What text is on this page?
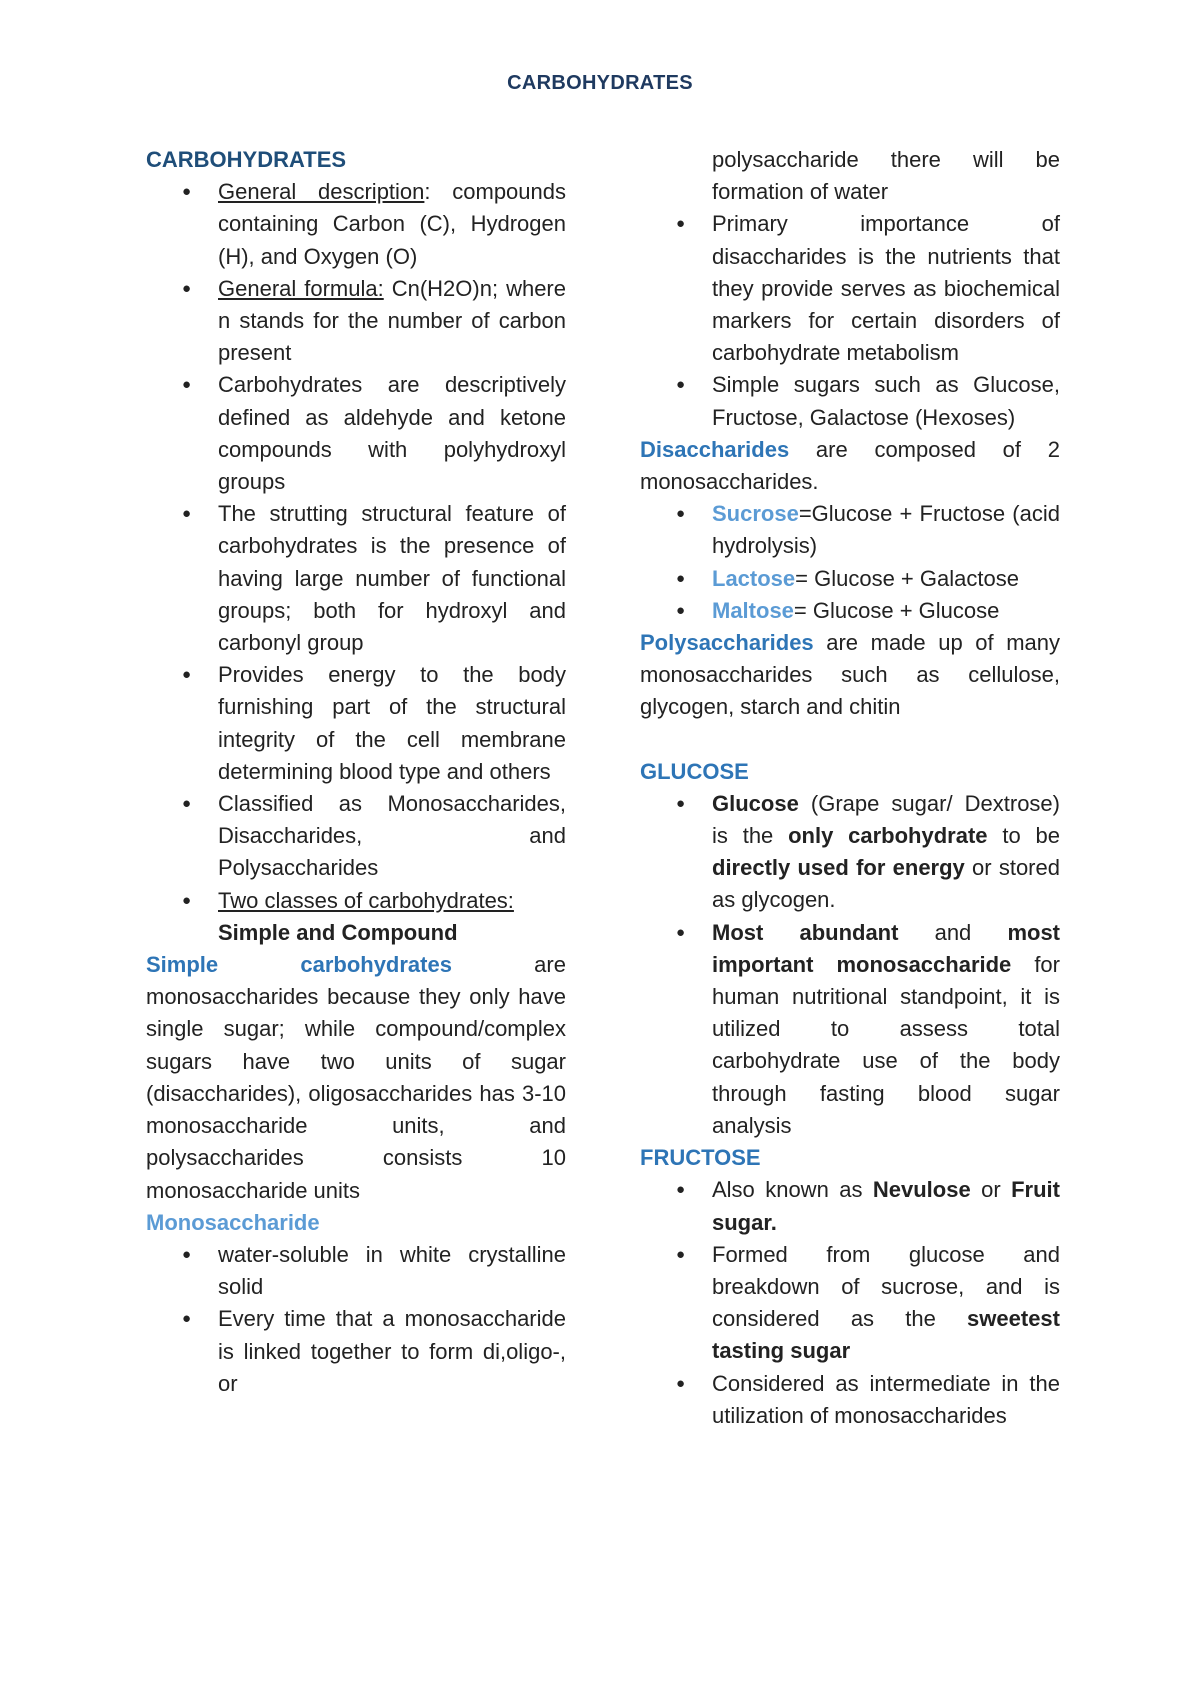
CARBOHYDRATES
CARBOHYDRATES
● General description: compounds containing Carbon (C), Hydrogen (H), and Oxygen (O)
● General formula: Cn(H2O)n; where n stands for the number of carbon present
● Carbohydrates are descriptively defined as aldehyde and ketone compounds with polyhydroxyl groups
● The strutting structural feature of carbohydrates is the presence of having large number of functional groups; both for hydroxyl and carbonyl group
● Provides energy to the body furnishing part of the structural integrity of the cell membrane determining blood type and others
● Classified as Monosaccharides, Disaccharides, and Polysaccharides
● Two classes of carbohydrates:
Simple and Compound

Simple carbohydrates are monosaccharides because they only have single sugar; while compound/complex sugars have two units of sugar (disaccharides), oligosaccharides has 3-10 monosaccharide units, and polysaccharides consists 10 monosaccharide units

Monosaccharide
● water-soluble in white crystalline solid
● Every time that a monosaccharide is linked together to form di,oligo-, or
polysaccharide there will be formation of water
● Primary importance of disaccharides is the nutrients that they provide serves as biochemical markers for certain disorders of carbohydrate metabolism
● Simple sugars such as Glucose, Fructose, Galactose (Hexoses)

Disaccharides are composed of 2 monosaccharides.

● Sucrose=Glucose + Fructose (acid hydrolysis)
● Lactose= Glucose + Galactose
● Maltose= Glucose + Glucose

Polysaccharides are made up of many monosaccharides such as cellulose, glycogen, starch and chitin

GLUCOSE
● Glucose (Grape sugar/ Dextrose) is the only carbohydrate to be directly used for energy or stored as glycogen.
● Most abundant and most important monosaccharide for human nutritional standpoint, it is utilized to assess total carbohydrate use of the body through fasting blood sugar analysis
FRUCTOSE
● Also known as Nevulose or Fruit sugar.
● Formed from glucose and breakdown of sucrose, and is considered as the sweetest tasting sugar
● Considered as intermediate in the utilization of monosaccharides
